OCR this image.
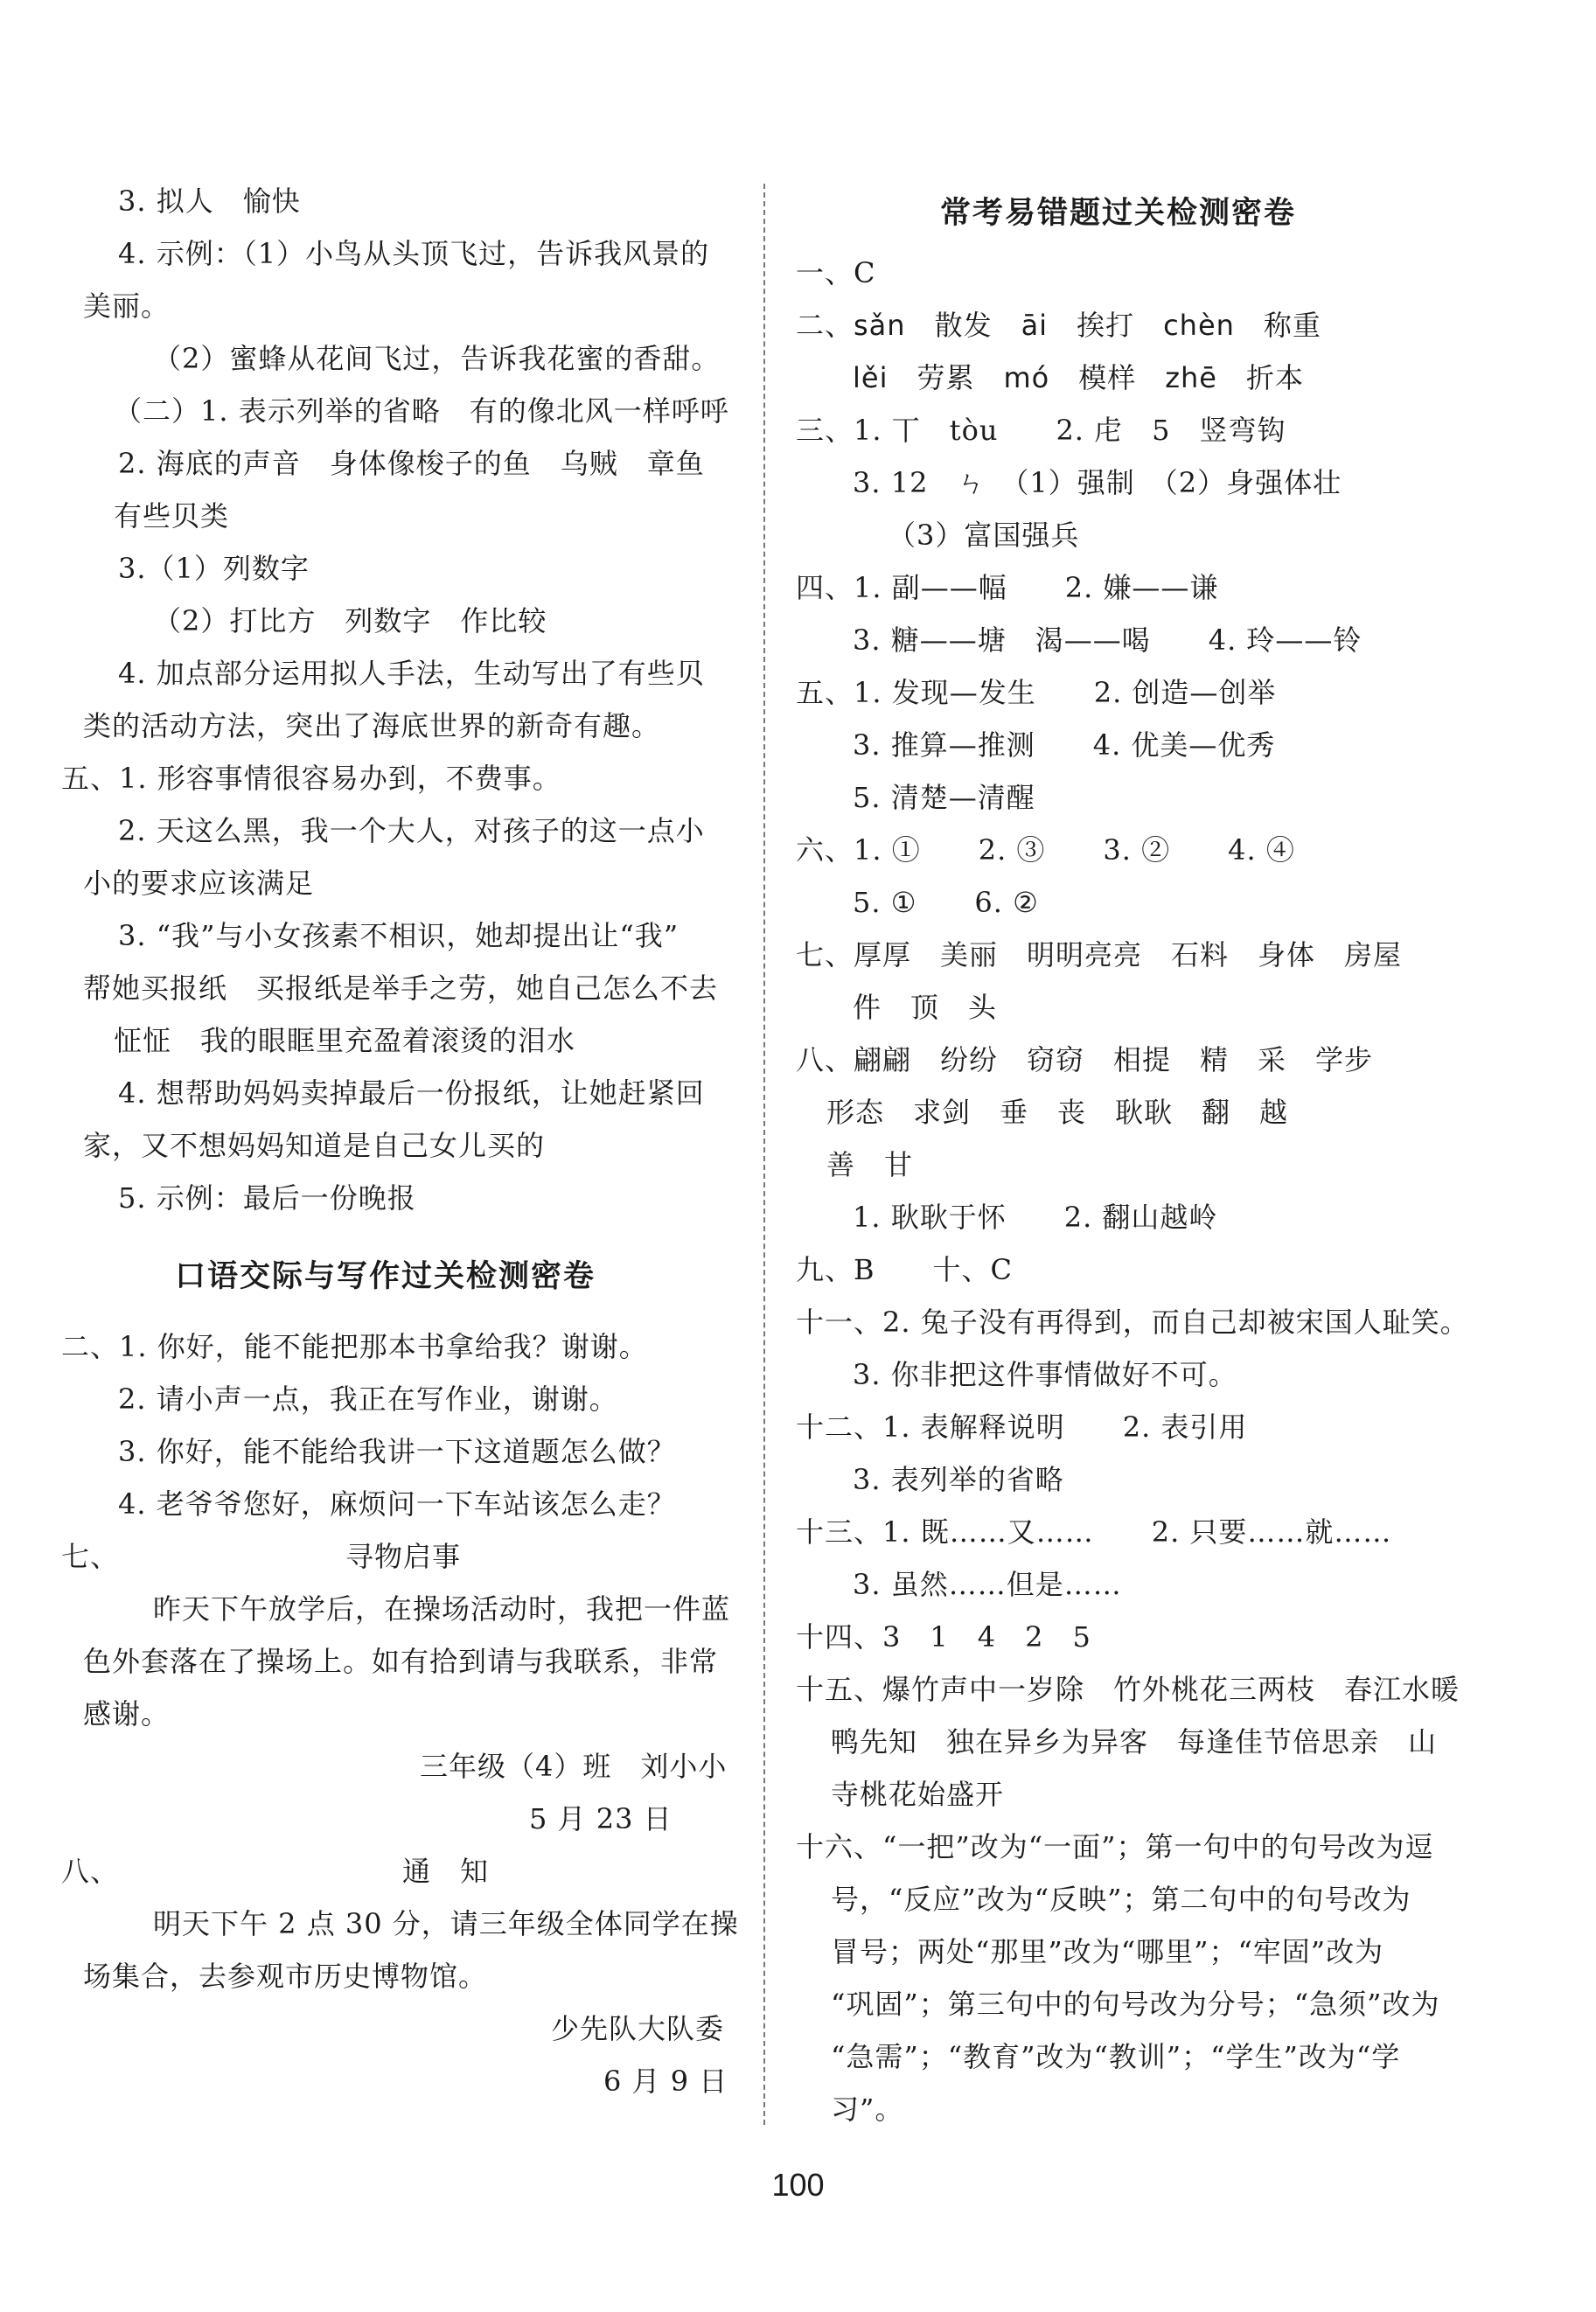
3. 拟人　愉快
4. 示例：（1）小鸟从头顶飞过，告诉我风景的
美丽。
（2）蜜蜂从花间飞过，告诉我花蜜的香甜。
（二）1. 表示列举的省略　有的像北风一样呼呼
2. 海底的声音　身体像梭子的鱼　乌贼　章鱼
有些贝类
3.（1）列数字
（2）打比方　列数字　作比较
4. 加点部分运用拟人手法，生动写出了有些贝
类的活动方法，突出了海底世界的新奇有趣。
五、1. 形容事情很容易办到，不费事。
2. 天这么黑，我一个大人，对孩子的这一点小
小的要求应该满足
3. “我”与小女孩素不相识，她却提出让“我”
帮她买报纸　买报纸是举手之劳，她自己怎么不去
怔怔　我的眼眶里充盈着滚烫的泪水
4. 想帮助妈妈卖掉最后一份报纸，让她赶紧回
家，又不想妈妈知道是自己女儿买的
5. 示例：最后一份晚报
口语交际与写作过关检测密卷
二、1. 你好，能不能把那本书拿给我？谢谢。
2. 请小声一点，我正在写作业，谢谢。
3. 你好，能不能给我讲一下这道题怎么做？
4. 老爷爷您好，麻烦问一下车站该怎么走？
七、	寻物启事
昨天下午放学后，在操场活动时，我把一件蓝
色外套落在了操场上。如有拾到请与我联系，非常
感谢。
三年级（4）班　刘小小
5 月 23 日
八、	通　知
明天下午 2 点 30 分，请三年级全体同学在操
场集合，去参观市历史博物馆。
少先队大队委
6 月 9 日
常考易错题过关检测密卷
一、C
二、sǎn　散发　āi　挨打　chèn　称重
lěi　劳累　mó　模样　zhē　折本
三、1. 丅　tòu　　2. 虍　5　竖弯钩
3. 12　ㄣ　（1）强制　（2）身强体壮
（3）富国强兵
四、1. 副——幅　　2. 嫌——谦
3. 糖——塘　渴——喝　　4. 玲——铃
五、1. 发现—发生　　2. 创造—创举
3. 推算—推测　　4. 优美—优秀
5. 清楚—清醒
六、1. ①　　2. ③　　3. ②　　4. ④
5. ①　　6. ②
七、厚厚　美丽　明明亮亮　石料　身体　房屋
件　顶　头
八、翩翩　纷纷　窃窃　相提　精　采　学步
形态　求剑　垂　丧　耿耿　翻　越
善　甘
1. 耿耿于怀　　2. 翻山越岭
九、B　　十、C
十一、2. 兔子没有再得到，而自己却被宋国人耻笑。
3. 你非把这件事情做好不可。
十二、1. 表解释说明　　2. 表引用
3. 表列举的省略
十三、1. 既……又……　　2. 只要……就……
3. 虽然……但是……
十四、3　1　4　2　5
十五、爆竹声中一岁除　竹外桃花三两枝　春江水暖
鸭先知　独在异乡为异客　每逢佳节倍思亲　山
寺桃花始盛开
十六、“一把”改为“一面”；第一句中的句号改为逗
号，“反应”改为“反映”；第二句中的句号改为
冒号；两处“那里”改为“哪里”；“牢固”改为
“巩固”；第三句中的句号改为分号；“急须”改为
“急需”；“教育”改为“教训”；“学生”改为“学
习”。
100
